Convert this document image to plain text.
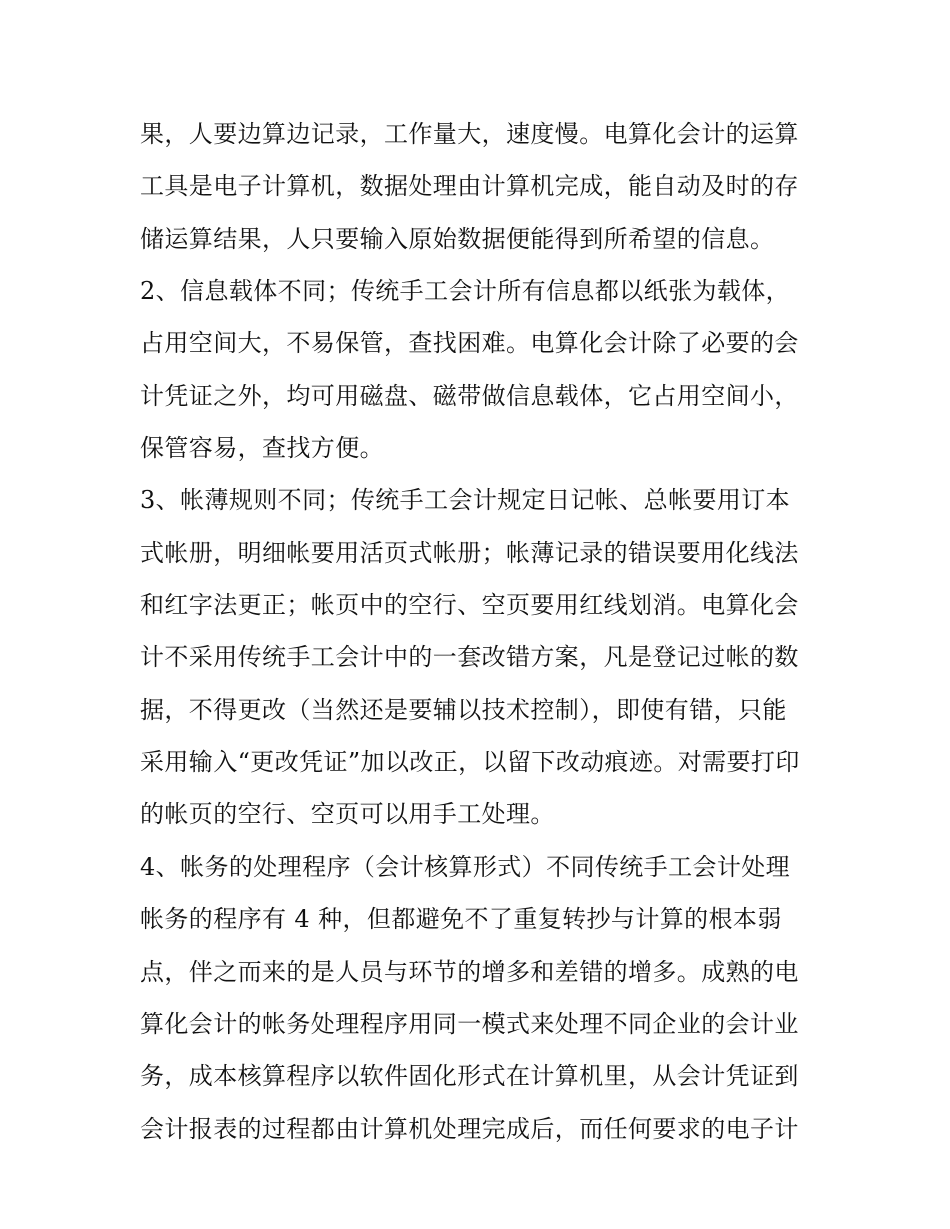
果，人要边算边记录，工作量大，速度慢。电算化会计的运算
工具是电子计算机，数据处理由计算机完成，能自动及时的存
储运算结果，人只要输入原始数据便能得到所希望的信息。
2、信息载体不同；传统手工会计所有信息都以纸张为载体，
占用空间大，不易保管，查找困难。电算化会计除了必要的会
计凭证之外，均可用磁盘、磁带做信息载体，它占用空间小，
保管容易，查找方便。
3、帐薄规则不同；传统手工会计规定日记帐、总帐要用订本
式帐册，明细帐要用活页式帐册；帐薄记录的错误要用化线法
和红字法更正；帐页中的空行、空页要用红线划消。电算化会
计不采用传统手工会计中的一套改错方案，凡是登记过帐的数
据，不得更改（当然还是要辅以技术控制），即使有错，只能
采用输入“更改凭证”加以改正，以留下改动痕迹。对需要打印
的帐页的空行、空页可以用手工处理。
4、帐务的处理程序（会计核算形式）不同传统手工会计处理
帐务的程序有 4 种，但都避免不了重复转抄与计算的根本弱
点，伴之而来的是人员与环节的增多和差错的增多。成熟的电
算化会计的帐务处理程序用同一模式来处理不同企业的会计业
务，成本核算程序以软件固化形式在计算机里，从会计凭证到
会计报表的过程都由计算机处理完成后，而任何要求的电子计
